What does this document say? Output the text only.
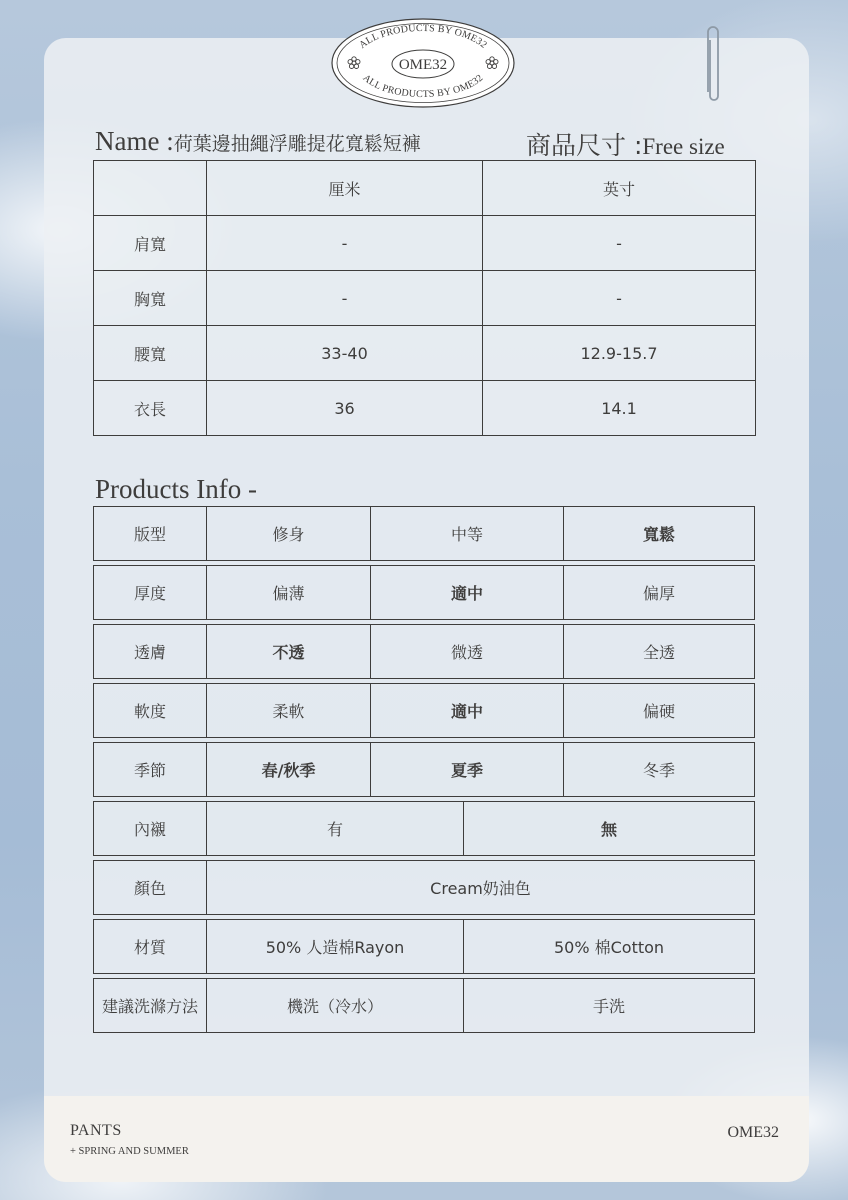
PANTS
+ SPRING AND SUMMER
OME32
ALL PRODUCTS BY OME32
ALL PRODUCTS BY OME32
OME32
Name :荷葉邊抽繩浮雕提花寬鬆短褲	商品尺寸 :Free size
	厘米	英寸
肩寬	-	-
胸寬	-	-
腰寬	33-40	12.9-15.7
衣長	36	14.1
Products Info -
版型	修身	中等	寬鬆
厚度	偏薄	適中	偏厚
透膚	不透	微透	全透
軟度	柔軟	適中	偏硬
季節	春/秋季	夏季	冬季
內襯	有	無
顏色	Cream奶油色
材質	50% 人造棉Rayon	50% 棉Cotton
建議洗滌方法	機洗（冷水）	手洗
